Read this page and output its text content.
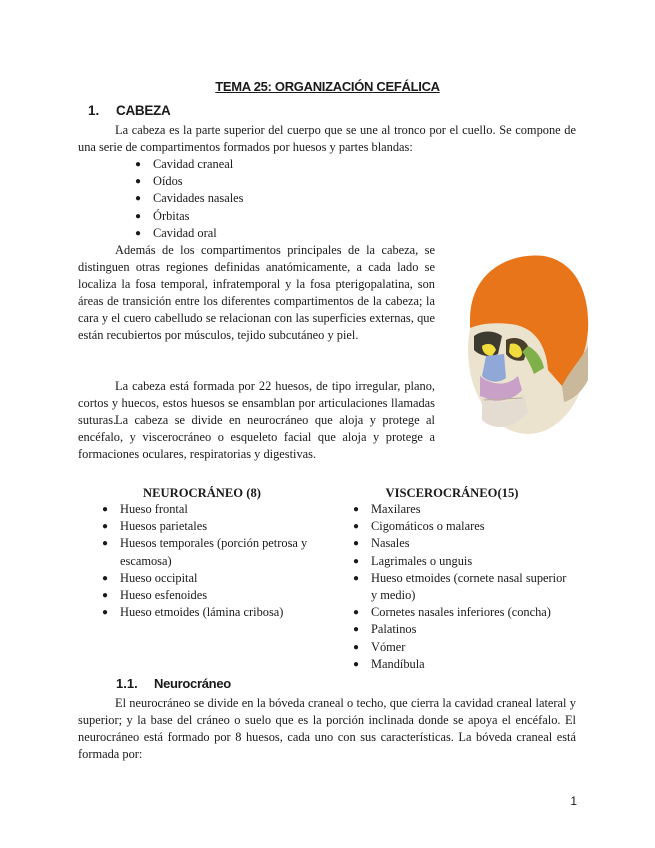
TEMA 25: ORGANIZACIÓN CEFÁLICA
1. CABEZA
La cabeza es la parte superior del cuerpo que se une al tronco por el cuello. Se compone de una serie de compartimentos formados por huesos y partes blandas:
● Cavidad craneal
● Oídos
● Cavidades nasales
● Órbitas
● Cavidad oral
Además de los compartimentos principales de la cabeza, se distinguen otras regiones definidas anatómicamente, a cada lado se localiza la fosa temporal, infratemporal y la fosa pterigopalatina, son áreas de transición entre los diferentes compartimentos de la cabeza; la cara y el cuero cabelludo se relacionan con las superficies externas, que están recubiertos por músculos, tejido subcutáneo y piel.
La cabeza está formada por 22 huesos, de tipo irregular, plano, cortos y huecos, estos huesos se ensamblan por articulaciones llamadas suturas.
La cabeza se divide en neurocráneo que aloja y protege al encéfalo, y viscerocráneo o esqueleto facial que aloja y protege a formaciones oculares, respiratorias y digestivas.
NEUROCRÁNEO (8)
● Hueso frontal
● Huesos parietales
● Huesos temporales (porción petrosa y escamosa)
● Hueso occipital
● Hueso esfenoides
● Hueso etmoides (lámina cribosa)
VISCEROCRÁNEO(15)
● Maxilares
● Cigomáticos o malares
● Nasales
● Lagrimales o unguis
● Hueso etmoides (cornete nasal superior y medio)
● Cornetes nasales inferiores (concha)
● Palatinos
● Vómer
● Mandíbula
1.1. Neurocráneo
El neurocráneo se divide en la bóveda craneal o techo, que cierra la cavidad craneal lateral y superior; y la base del cráneo o suelo que es la porción inclinada donde se apoya el encéfalo. El neurocráneo está formado por 8 huesos, cada uno con sus características. La bóveda craneal está formada por:
1
